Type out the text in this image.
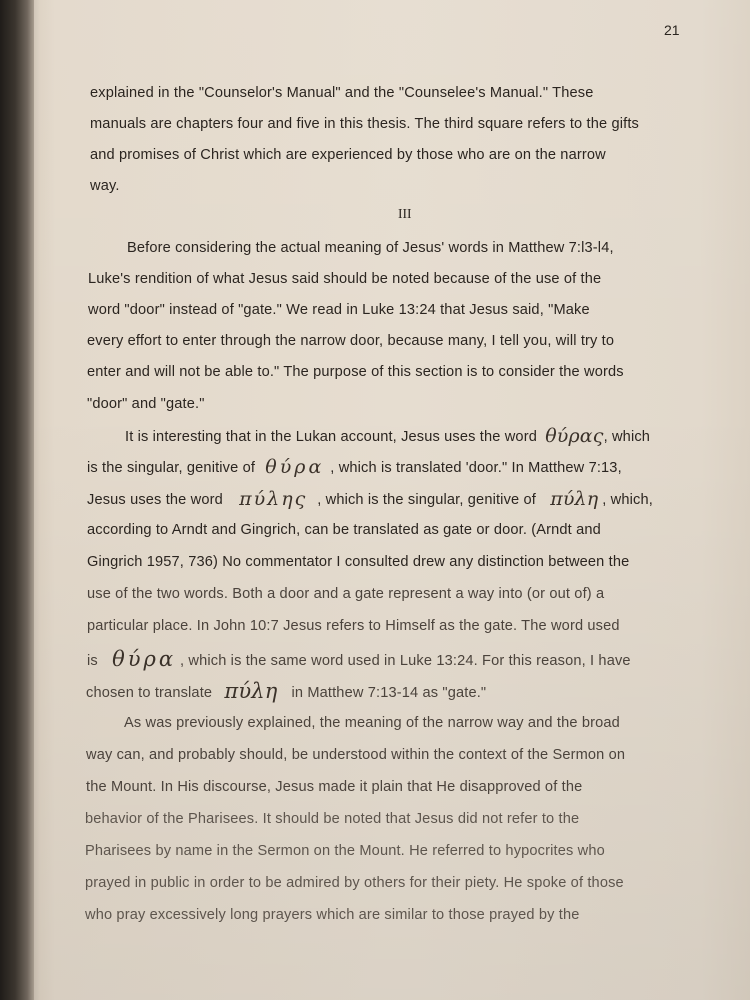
21
explained in the "Counselor's Manual" and the "Counselee's Manual." These
manuals are chapters four and five in this thesis. The third square refers to the gifts
and promises of Christ which are experienced by those who are on the narrow
way.
Before considering the actual meaning of Jesus' words in Matthew 7:l3-l4,
Luke's rendition of what Jesus said should be noted because of the use of the
word "door" instead of "gate." We read in Luke 13:24 that Jesus said, "Make
every effort to enter through the narrow door, because many, I tell you, will try to
enter and will not be able to." The purpose of this section is to consider the words
"door" and "gate."
It is interesting that in the Lukan account, Jesus uses the word θύρας, which
is the singular, genitive of θύρα , which is translated 'door." In Matthew 7:13,
Jesus uses the word πύλης , which is the singular, genitive of πύλη , which,
according to Arndt and Gingrich, can be translated as gate or door. (Arndt and
Gingrich 1957, 736) No commentator I consulted drew any distinction between the
use of the two words. Both a door and a gate represent a way into (or out of) a
particular place. In John 10:7 Jesus refers to Himself as the gate. The word used
is θύρα , which is the same word used in Luke 13:24. For this reason, I have
chosen to translate πύλη in Matthew 7:13-14 as "gate."
As was previously explained, the meaning of the narrow way and the broad
way can, and probably should, be understood within the context of the Sermon on
the Mount. In His discourse, Jesus made it plain that He disapproved of the
behavior of the Pharisees. It should be noted that Jesus did not refer to the
Pharisees by name in the Sermon on the Mount. He referred to hypocrites who
prayed in public in order to be admired by others for their piety. He spoke of those
who pray excessively long prayers which are similar to those prayed by the
III
